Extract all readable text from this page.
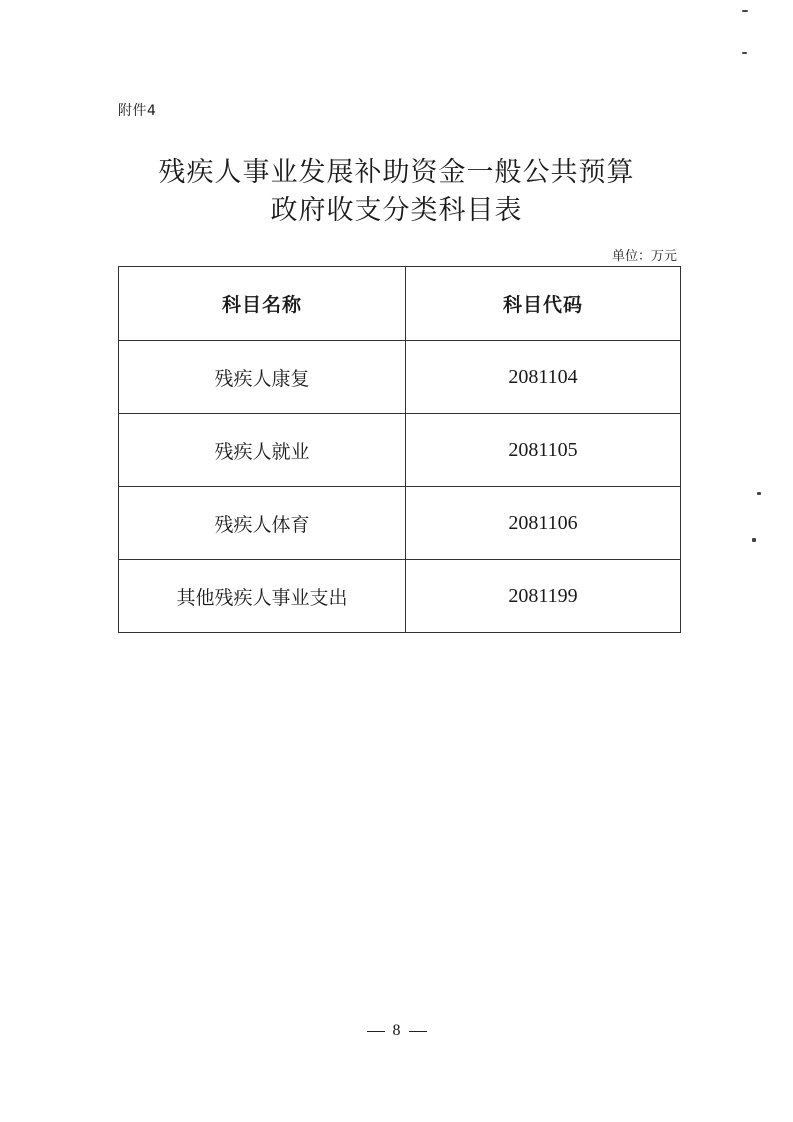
附件4
残疾人事业发展补助资金一般公共预算
政府收支分类科目表
单位：万元
科目名称	科目代码
残疾人康复	2081104
残疾人就业	2081105
残疾人体育	2081106
其他残疾人事业支出	2081199
8
